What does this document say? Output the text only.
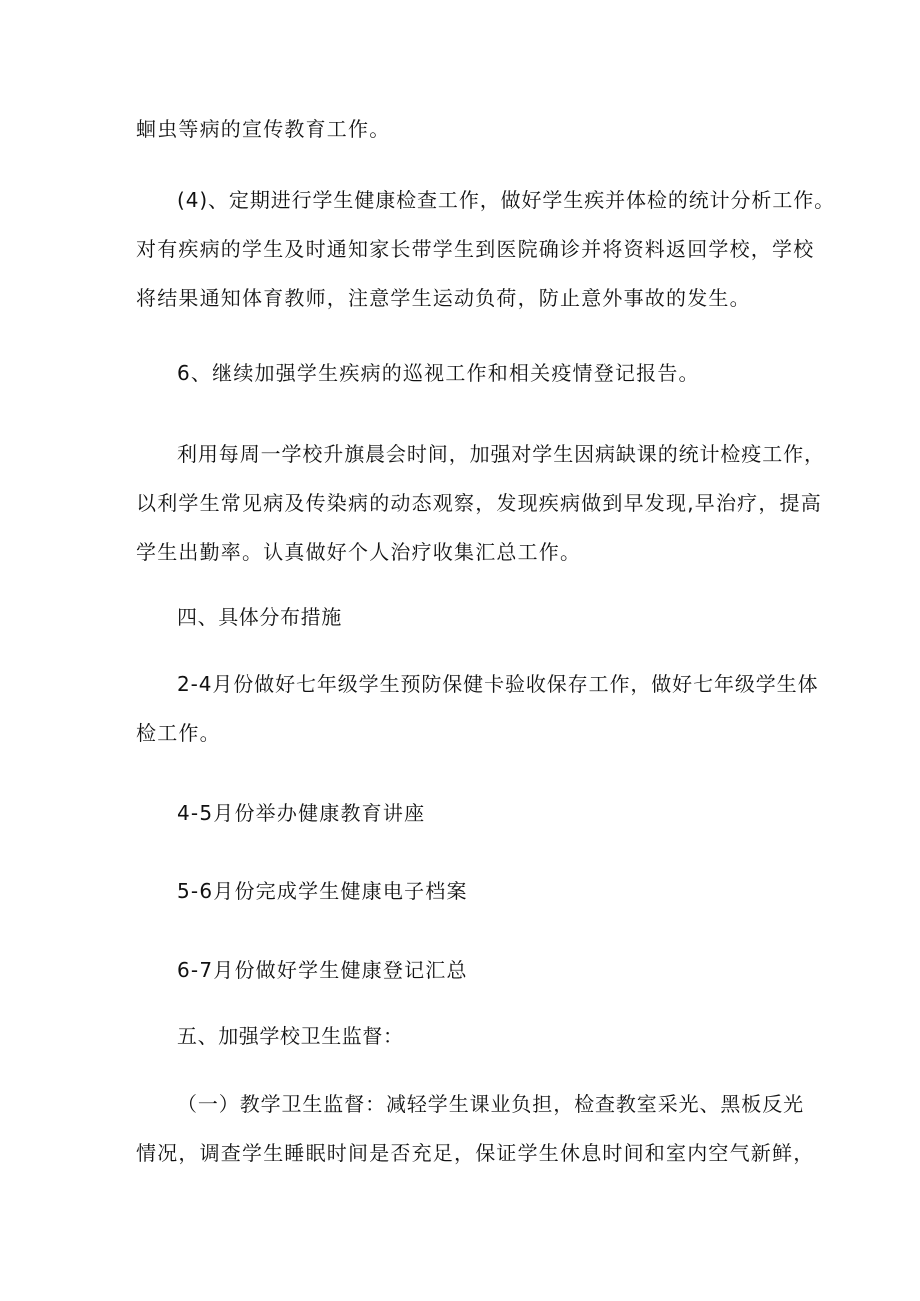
蛔虫等病的宣传教育工作。
(4)、定期进行学生健康检查工作，做好学生疾并体检的统计分析工作。
对有疾病的学生及时通知家长带学生到医院确诊并将资料返回学校，学校
将结果通知体育教师，注意学生运动负荷，防止意外事故的发生。
6、继续加强学生疾病的巡视工作和相关疫情登记报告。
利用每周一学校升旗晨会时间，加强对学生因病缺课的统计检疫工作，
以利学生常见病及传染病的动态观察，发现疾病做到早发现,早治疗，提高
学生出勤率。认真做好个人治疗收集汇总工作。
四、具体分布措施
2-4月份做好七年级学生预防保健卡验收保存工作，做好七年级学生体
检工作。
4-5月份举办健康教育讲座
5-6月份完成学生健康电子档案
6-7月份做好学生健康登记汇总
五、加强学校卫生监督：
（一）教学卫生监督：减轻学生课业负担，检查教室采光、黑板反光
情况，调查学生睡眠时间是否充足，保证学生休息时间和室内空气新鲜，
